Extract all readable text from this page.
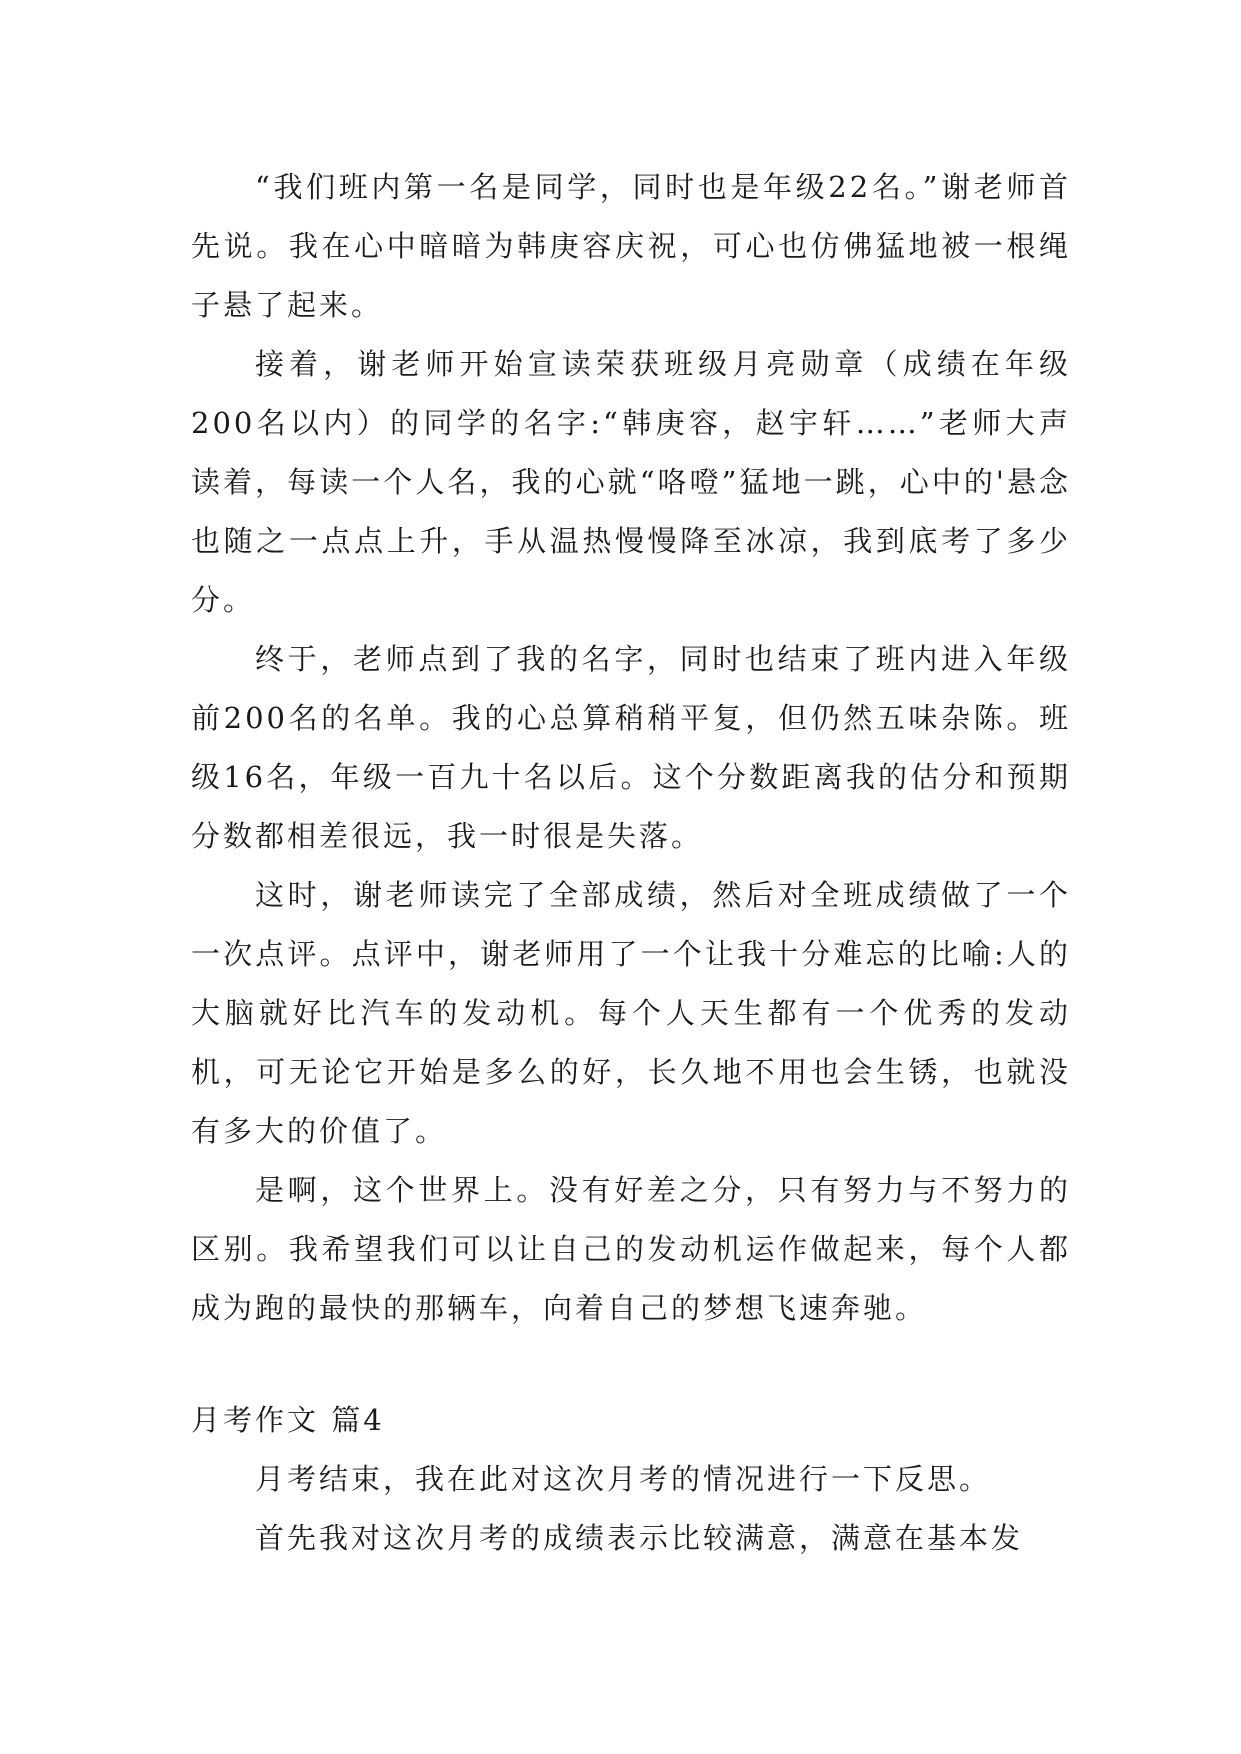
“我们班内第一名是同学，同时也是年级22名。”谢老师首先说。我在心中暗暗为韩庚容庆祝，可心也仿佛猛地被一根绳子悬了起来。

接着，谢老师开始宣读荣获班级月亮勋章（成绩在年级200名以内）的同学的名字:“韩庚容，赵宇轩……”老师大声读着，每读一个人名，我的心就“咯噔”猛地一跳，心中的'悬念也随之一点点上升，手从温热慢慢降至冰凉，我到底考了多少分。

终于，老师点到了我的名字，同时也结束了班内进入年级前200名的名单。我的心总算稍稍平复，但仍然五味杂陈。班级16名，年级一百九十名以后。这个分数距离我的估分和预期分数都相差很远，我一时很是失落。

这时，谢老师读完了全部成绩，然后对全班成绩做了一个一次点评。点评中，谢老师用了一个让我十分难忘的比喻:人的大脑就好比汽车的发动机。每个人天生都有一个优秀的发动机，可无论它开始是多么的好，长久地不用也会生锈，也就没有多大的价值了。

是啊，这个世界上。没有好差之分，只有努力与不努力的区别。我希望我们可以让自己的发动机运作做起来，每个人都成为跑的最快的那辆车，向着自己的梦想飞速奔驰。

月考作文 篇4

月考结束，我在此对这次月考的情况进行一下反思。

首先我对这次月考的成绩表示比较满意，满意在基本发
